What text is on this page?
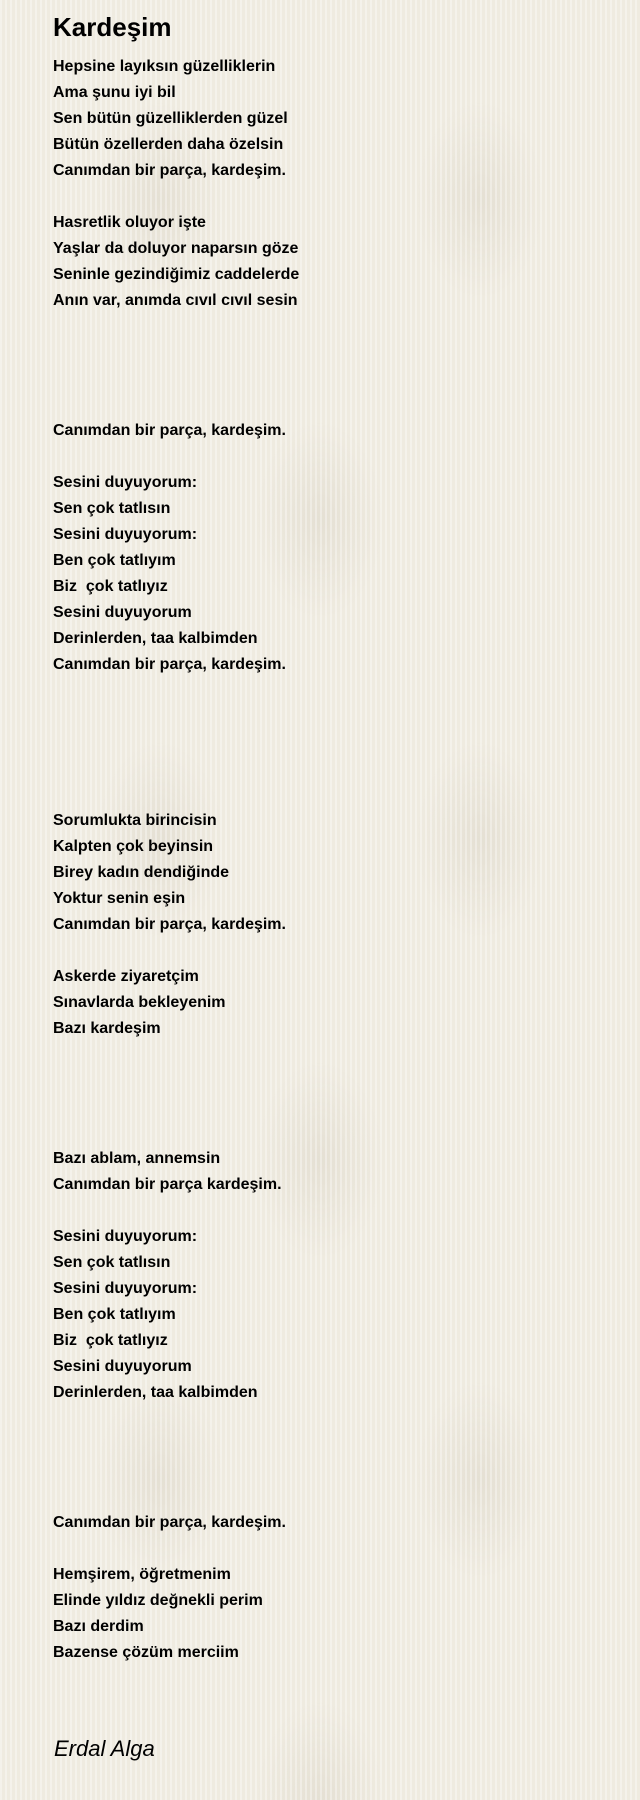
Kardeşim
Hepsine layıksın güzelliklerin
Ama şunu iyi bil
Sen bütün güzelliklerden güzel
Bütün özellerden daha özelsin
Canımdan bir parça, kardeşim.
Hasretlik oluyor işte
Yaşlar da doluyor naparsın göze
Seninle gezindiğimiz caddelerde
Anın var, anımda cıvıl cıvıl sesin
Canımdan bir parça, kardeşim.
Sesini duyuyorum:
Sen çok tatlısın
Sesini duyuyorum:
Ben çok tatlıyım
Biz  çok tatlıyız
Sesini duyuyorum
Derinlerden, taa kalbimden
Canımdan bir parça, kardeşim.
Sorumlukta birincisin
Kalpten çok beyinsin
Birey kadın dendiğinde
Yoktur senin eşin
Canımdan bir parça, kardeşim.
Askerde ziyaretçim
Sınavlarda bekleyenim
Bazı kardeşim
Bazı ablam, annemsin
Canımdan bir parça kardeşim.
Sesini duyuyorum:
Sen çok tatlısın
Sesini duyuyorum:
Ben çok tatlıyım
Biz  çok tatlıyız
Sesini duyuyorum
Derinlerden, taa kalbimden
Canımdan bir parça, kardeşim.
Hemşirem, öğretmenim
Elinde yıldız değnekli perim
Bazı derdim
Bazense çözüm merciim
Erdal Alga
